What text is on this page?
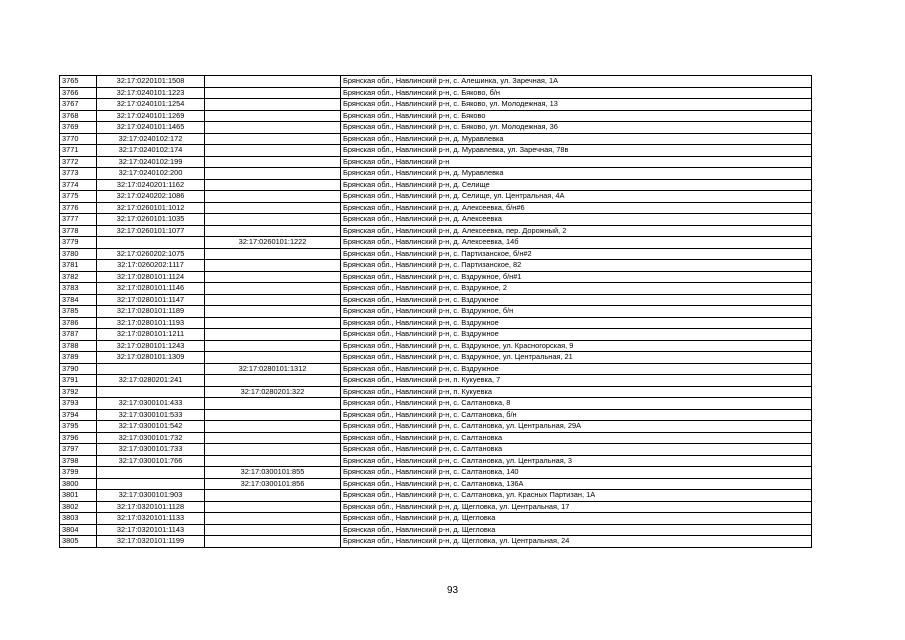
3765	32:17:0220101:1508		Брянская обл., Навлинский р-н, с. Алешинка, ул. Заречная, 1А
3766	32:17:0240101:1223		Брянская обл., Навлинский р-н, с. Бяково, б/н
3767	32:17:0240101:1254		Брянская обл., Навлинский р-н, с. Бяково, ул. Молодежная, 13
3768	32:17:0240101:1269		Брянская обл., Навлинский р-н, с. Бяково
3769	32:17:0240101:1465		Брянская обл., Навлинский р-н, с. Бяково, ул. Молодежная, 36
3770	32:17:0240102:172		Брянская обл., Навлинский р-н, д. Муравлевка
3771	32:17:0240102:174		Брянская обл., Навлинский р-н, д. Муравлевка, ул. Заречная, 78в
3772	32:17:0240102:199		Брянская обл., Навлинский р-н
3773	32:17:0240102:200		Брянская обл., Навлинский р-н, д. Муравлевка
3774	32:17:0240201:1162		Брянская обл., Навлинский р-н, д. Селище
3775	32:17:0240202:1086		Брянская обл., Навлинский р-н, д. Селище, ул. Центральная, 4А
3776	32:17:0260101:1012		Брянская обл., Навлинский р-н, д. Алексеевка, б/н#6
3777	32:17:0260101:1035		Брянская обл., Навлинский р-н, д. Алексеевка
3778	32:17:0260101:1077		Брянская обл., Навлинский р-н, д. Алексеевка, пер. Дорожный, 2
3779		32:17:0260101:1222	Брянская обл., Навлинский р-н, д. Алексеевка, 14б
3780	32:17:0260202:1075		Брянская обл., Навлинский р-н, с. Партизанское, б/н#2
3781	32:17:0260202:1117		Брянская обл., Навлинский р-н, с. Партизанское, 82
3782	32:17:0280101:1124		Брянская обл., Навлинский р-н, с. Вздружное, б/н#1
3783	32:17:0280101:1146		Брянская обл., Навлинский р-н, с. Вздружное, 2
3784	32:17:0280101:1147		Брянская обл., Навлинский р-н, с. Вздружное
3785	32:17:0280101:1189		Брянская обл., Навлинский р-н, с. Вздружное, б/н
3786	32:17:0280101:1193		Брянская обл., Навлинский р-н, с. Вздружное
3787	32:17:0280101:1211		Брянская обл., Навлинский р-н, с. Вздружное
3788	32:17:0280101:1243		Брянская обл., Навлинский р-н, с. Вздружное, ул. Красногорская, 9
3789	32:17:0280101:1309		Брянская обл., Навлинский р-н, с. Вздружное, ул. Центральная, 21
3790		32:17:0280101:1312	Брянская обл., Навлинский р-н, с. Вздружное
3791	32:17:0280201:241		Брянская обл., Навлинский р-н, п. Кукуевка, 7
3792		32:17:0280201:322	Брянская обл., Навлинский р-н, п. Кукуевка
3793	32:17:0300101:433		Брянская обл., Навлинский р-н, с. Салтановка, 8
3794	32:17:0300101:533		Брянская обл., Навлинский р-н, с. Салтановка, б/н
3795	32:17:0300101:542		Брянская обл., Навлинский р-н, с. Салтановка, ул. Центральная, 29А
3796	32:17:0300101:732		Брянская обл., Навлинский р-н, с. Салтановка
3797	32:17:0300101:733		Брянская обл., Навлинский р-н, с. Салтановка
3798	32:17:0300101:766		Брянская обл., Навлинский р-н, с. Салтановка, ул. Центральная, 3
3799		32:17:0300101:855	Брянская обл., Навлинский р-н, с. Салтановка, 140
3800		32:17:0300101:856	Брянская обл., Навлинский р-н, с. Салтановка, 136А
3801	32:17:0300101:903		Брянская обл., Навлинский р-н, с. Салтановка, ул. Красных Партизан, 1А
3802	32:17:0320101:1128		Брянская обл., Навлинский р-н, д. Щегловка, ул. Центральная, 17
3803	32:17:0320101:1133		Брянская обл., Навлинский р-н, д. Щегловка
3804	32:17:0320101:1143		Брянская обл., Навлинский р-н, д. Щегловка
3805	32:17:0320101:1199		Брянская обл., Навлинский р-н, д. Щегловка, ул. Центральная, 24
93
